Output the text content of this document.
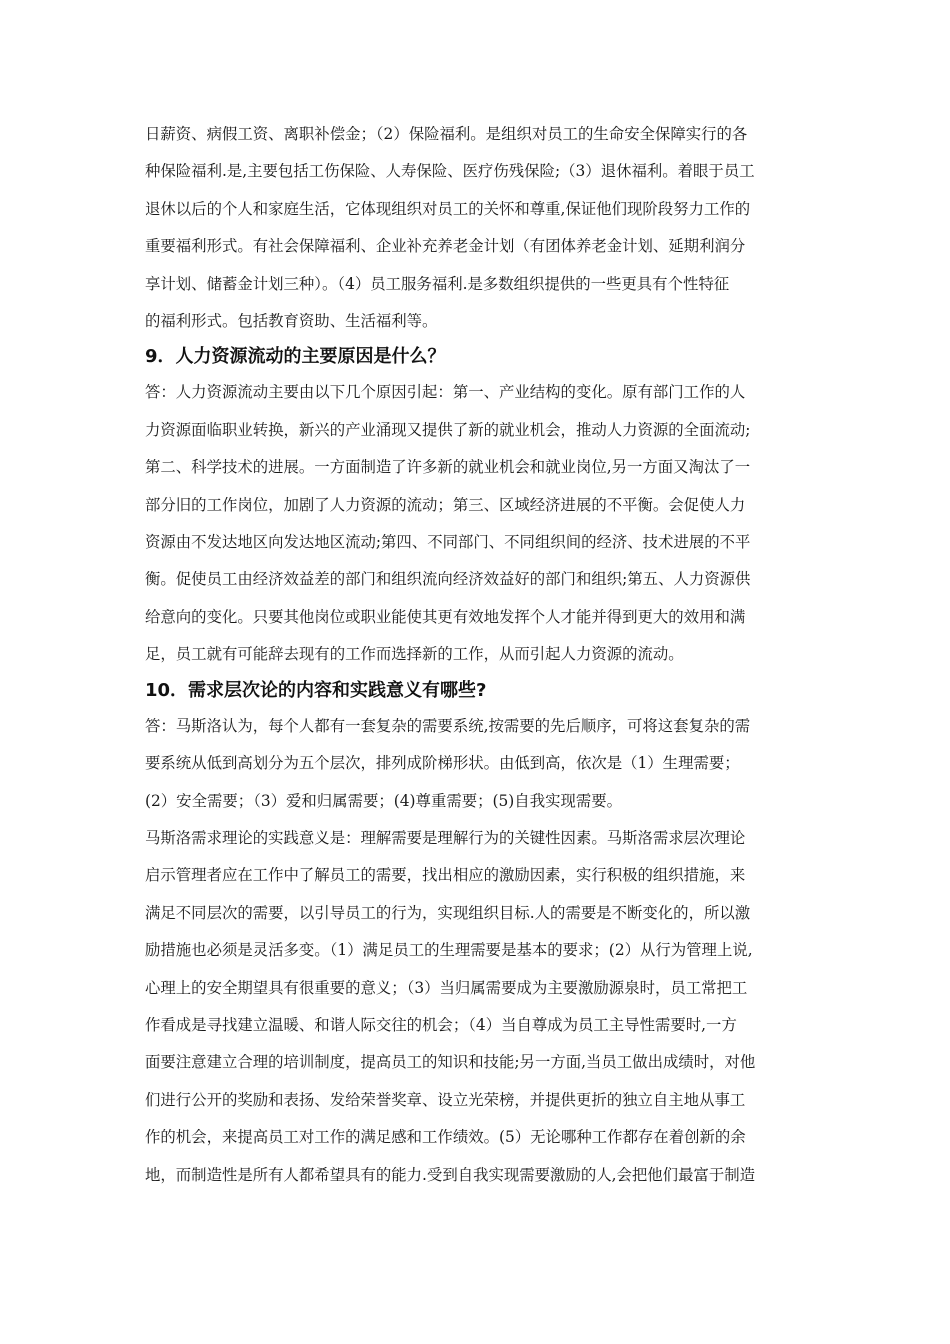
日薪资、病假工资、离职补偿金；（2）保险福利。是组织对员工的生命安全保障实行的各
种保险福利.是,主要包括工伤保险、人寿保险、医疗伤残保险;（3）退休福利。着眼于员工
退休以后的个人和家庭生活，它体现组织对员工的关怀和尊重,保证他们现阶段努力工作的
重要福利形式。有社会保障福利、企业补充养老金计划（有团体养老金计划、延期利润分
享计划、储蓄金计划三种）。（4）员工服务福利.是多数组织提供的一些更具有个性特征
的福利形式。包括教育资助、生活福利等。

9．人力资源流动的主要原因是什么？

答：人力资源流动主要由以下几个原因引起：第一、产业结构的变化。原有部门工作的人
力资源面临职业转换，新兴的产业涌现又提供了新的就业机会，推动人力资源的全面流动;
第二、科学技术的进展。一方面制造了许多新的就业机会和就业岗位,另一方面又淘汰了一
部分旧的工作岗位，加剧了人力资源的流动；第三、区域经济进展的不平衡。会促使人力
资源由不发达地区向发达地区流动;第四、不同部门、不同组织间的经济、技术进展的不平
衡。促使员工由经济效益差的部门和组织流向经济效益好的部门和组织;第五、人力资源供
给意向的变化。只要其他岗位或职业能使其更有效地发挥个人才能并得到更大的效用和满
足，员工就有可能辞去现有的工作而选择新的工作，从而引起人力资源的流动。

10．需求层次论的内容和实践意义有哪些?

答：马斯洛认为，每个人都有一套复杂的需要系统,按需要的先后顺序，可将这套复杂的需
要系统从低到高划分为五个层次，排列成阶梯形状。由低到高，依次是（1）生理需要；
(2）安全需要；（3）爱和归属需要；(4)尊重需要；(5)自我实现需要。

马斯洛需求理论的实践意义是：理解需要是理解行为的关键性因素。马斯洛需求层次理论
启示管理者应在工作中了解员工的需要，找出相应的激励因素，实行积极的组织措施，来
满足不同层次的需要，以引导员工的行为，实现组织目标.人的需要是不断变化的，所以激
励措施也必须是灵活多变。（1）满足员工的生理需要是基本的要求；(2）从行为管理上说,
心理上的安全期望具有很重要的意义；（3）当归属需要成为主要激励源泉时，员工常把工
作看成是寻找建立温暖、和谐人际交往的机会；（4）当自尊成为员工主导性需要时,一方
面要注意建立合理的培训制度，提高员工的知识和技能;另一方面,当员工做出成绩时，对他
们进行公开的奖励和表扬、发给荣誉奖章、设立光荣榜，并提供更折的独立自主地从事工
作的机会，来提高员工对工作的满足感和工作绩效。(5）无论哪种工作都存在着创新的余
地，而制造性是所有人都希望具有的能力.受到自我实现需要激励的人,会把他们最富于制造
